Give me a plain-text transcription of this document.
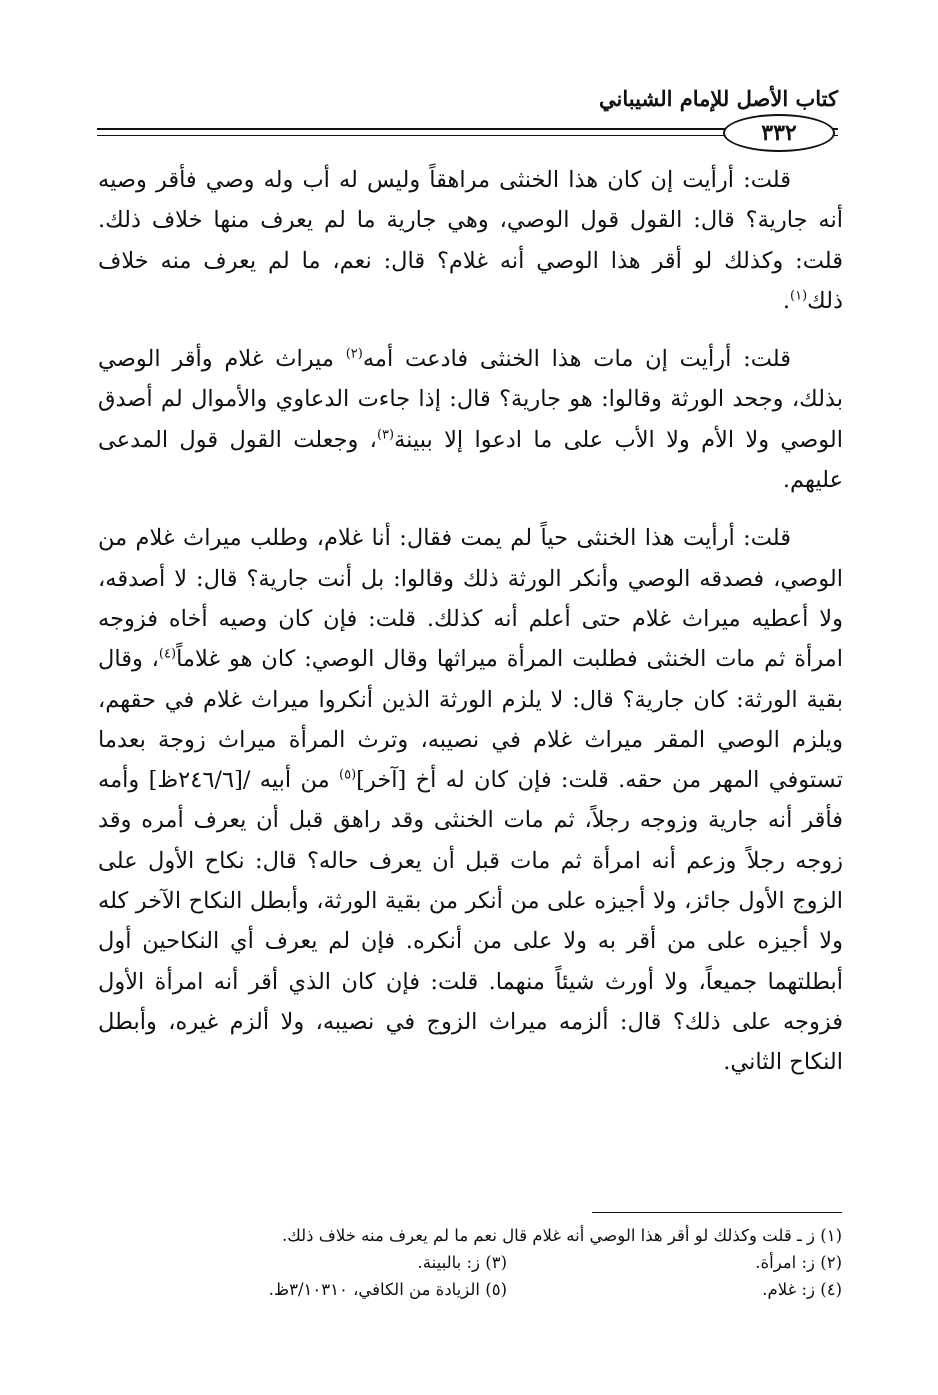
كتاب الأصل للإمام الشيباني
٣٣٢

قلت: أرأيت إن كان هذا الخنثى مراهقاً وليس له أب وله وصي فأقر وصيه أنه جارية؟ قال: القول قول الوصي، وهي جارية ما لم يعرف منها خلاف ذلك. قلت: وكذلك لو أقر هذا الوصي أنه غلام؟ قال: نعم، ما لم يعرف منه خلاف ذلك$^{(١)}$.

قلت: أرأيت إن مات هذا الخنثى فادعت أمه$^{(٢)}$ ميراث غلام وأقر الوصي بذلك، وجحد الورثة وقالوا: هو جارية؟ قال: إذا جاءت الدعاوي والأموال لم أصدق الوصي ولا الأم ولا الأب على ما ادعوا إلا ببينة$^{(٣)}$، وجعلت القول قول المدعى عليهم.

قلت: أرأيت هذا الخنثى حياً لم يمت فقال: أنا غلام، وطلب ميراث غلام من الوصي، فصدقه الوصي وأنكر الورثة ذلك وقالوا: بل أنت جارية؟ قال: لا أصدقه، ولا أعطيه ميراث غلام حتى أعلم أنه كذلك. قلت: فإن كان وصيه أخاه فزوجه امرأة ثم مات الخنثى فطلبت المرأة ميراثها وقال الوصي: كان هو غلاماً$^{(٤)}$، وقال بقية الورثة: كان جارية؟ قال: لا يلزم الورثة الذين أنكروا ميراث غلام في حقهم، ويلزم الوصي المقر ميراث غلام في نصيبه، وترث المرأة ميراث زوجة بعدما تستوفي المهر من حقه. قلت: فإن كان له أخ [آخر]$^{(٥)}$ من أبيه /[٢٤٦/٦ظ] وأمه فأقر أنه جارية وزوجه رجلاً، ثم مات الخنثى وقد راهق قبل أن يعرف أمره وقد زوجه رجلاً وزعم أنه امرأة ثم مات قبل أن يعرف حاله؟ قال: نكاح الأول على الزوج الأول جائز، ولا أجيزه على من أنكر من بقية الورثة، وأبطل النكاح الآخر كله ولا أجيزه على من أقر به ولا على من أنكره. فإن لم يعرف أي النكاحين أول أبطلتهما جميعاً، ولا أورث شيئاً منهما. قلت: فإن كان الذي أقر أنه امرأة الأول فزوجه على ذلك؟ قال: ألزمه ميراث الزوج في نصيبه، ولا ألزم غيره، وأبطل النكاح الثاني.

(١) ز ـ قلت وكذلك لو أقر هذا الوصي أنه غلام قال نعم ما لم يعرف منه خلاف ذلك.
(٢) ز: امرأة.
(٣) ز: بالبينة.
(٤) ز: غلام.
(٥) الزيادة من الكافي، ٣/١٠٣١٠ظ.
